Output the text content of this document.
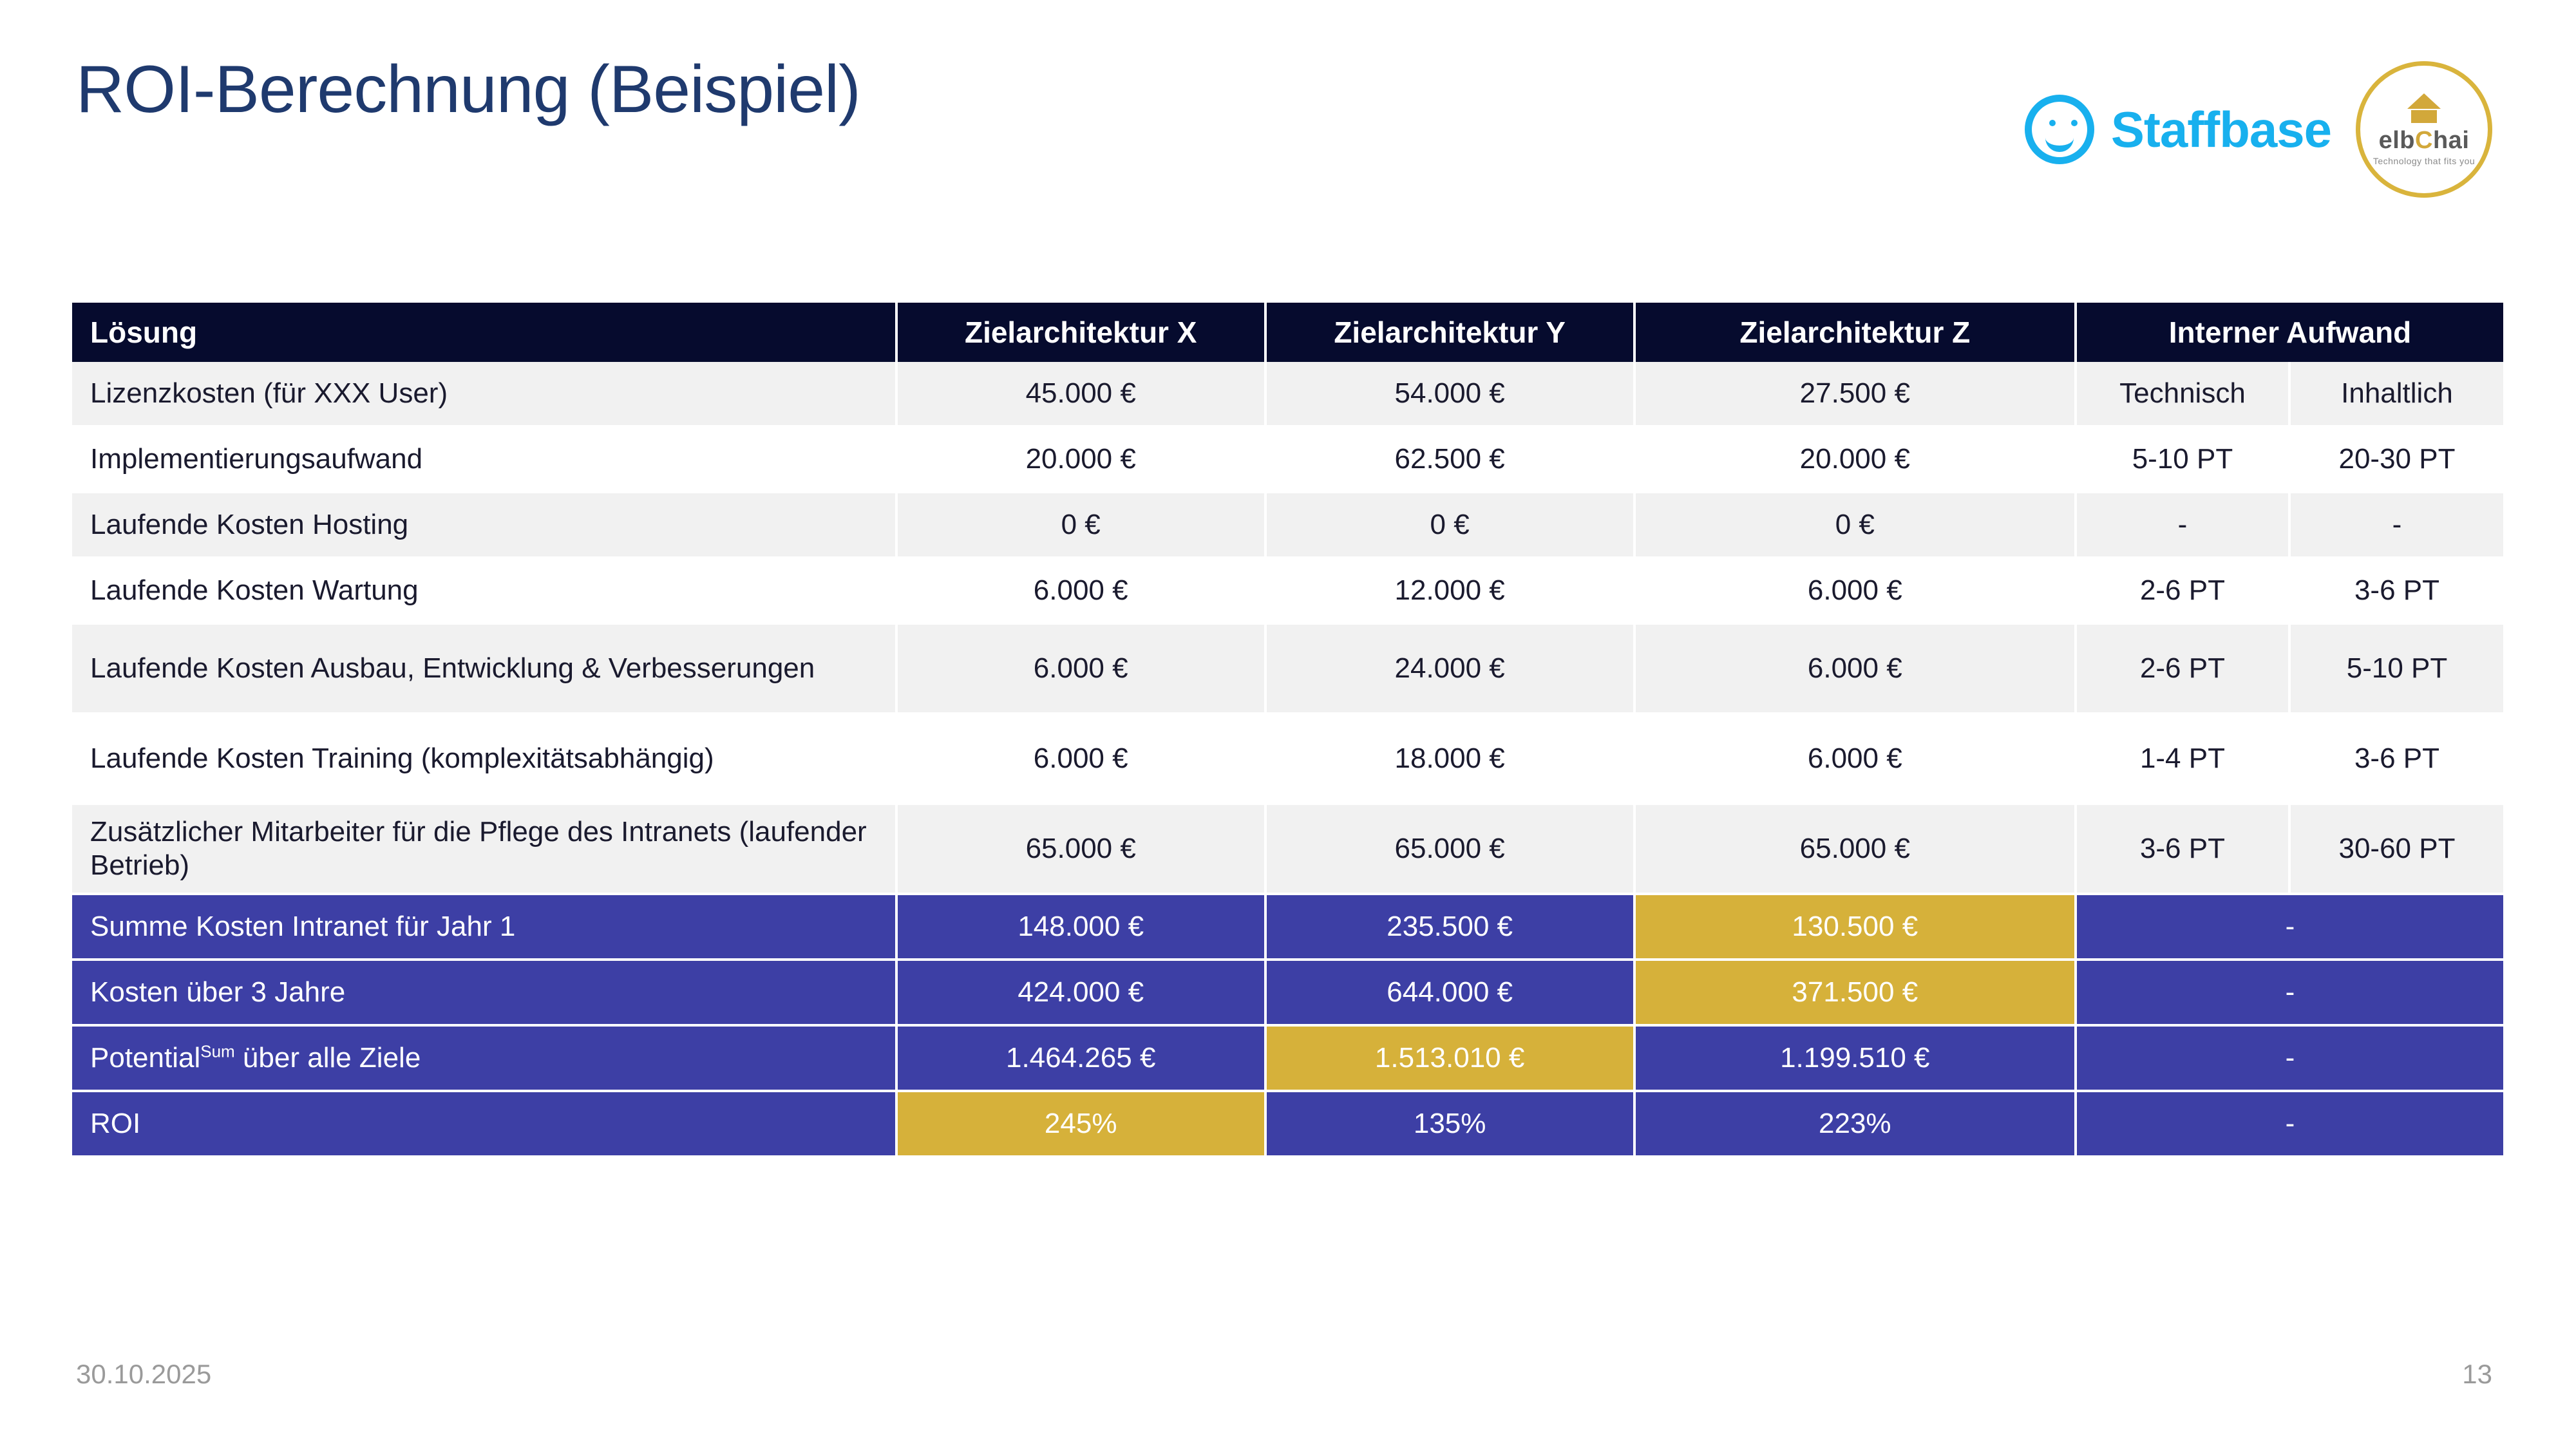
ROI-Berechnung (Beispiel)
Staffbase elbChai
Technology that fits you
Lösung	Zielarchitektur X	Zielarchitektur Y	Zielarchitektur Z	Interner Aufwand	
Lizenzkosten (für XXX User)	45.000 €	54.000 €	27.500 €	Technisch	Inhaltlich
Implementierungsaufwand	20.000 €	62.500 €	20.000 €	5-10 PT	20-30 PT
Laufende Kosten Hosting	0 €	0 €	0 €	-	-
Laufende Kosten Wartung	6.000 €	12.000 €	6.000 €	2-6 PT	3-6 PT
Laufende Kosten Ausbau, Entwicklung & Verbesserungen	6.000 €	24.000 €	6.000 €	2-6 PT	5-10 PT
Laufende Kosten Training (komplexitätsabhängig)	6.000 €	18.000 €	6.000 €	1-4 PT	3-6 PT
Zusätzlicher Mitarbeiter für die Pflege des Intranets (laufender Betrieb)	65.000 €	65.000 €	65.000 €	3-6 PT	30-60 PT
Summe Kosten Intranet für Jahr 1	148.000 €	235.500 €	130.500 €	-	
Kosten über 3 Jahre	424.000 €	644.000 €	371.500 €	-	
Potential$^{Sum}$ über alle Ziele	1.464.265 €	1.513.010 €	1.199.510 €	-	
ROI	245%	135%	223%	-	
30.10.2025	13
